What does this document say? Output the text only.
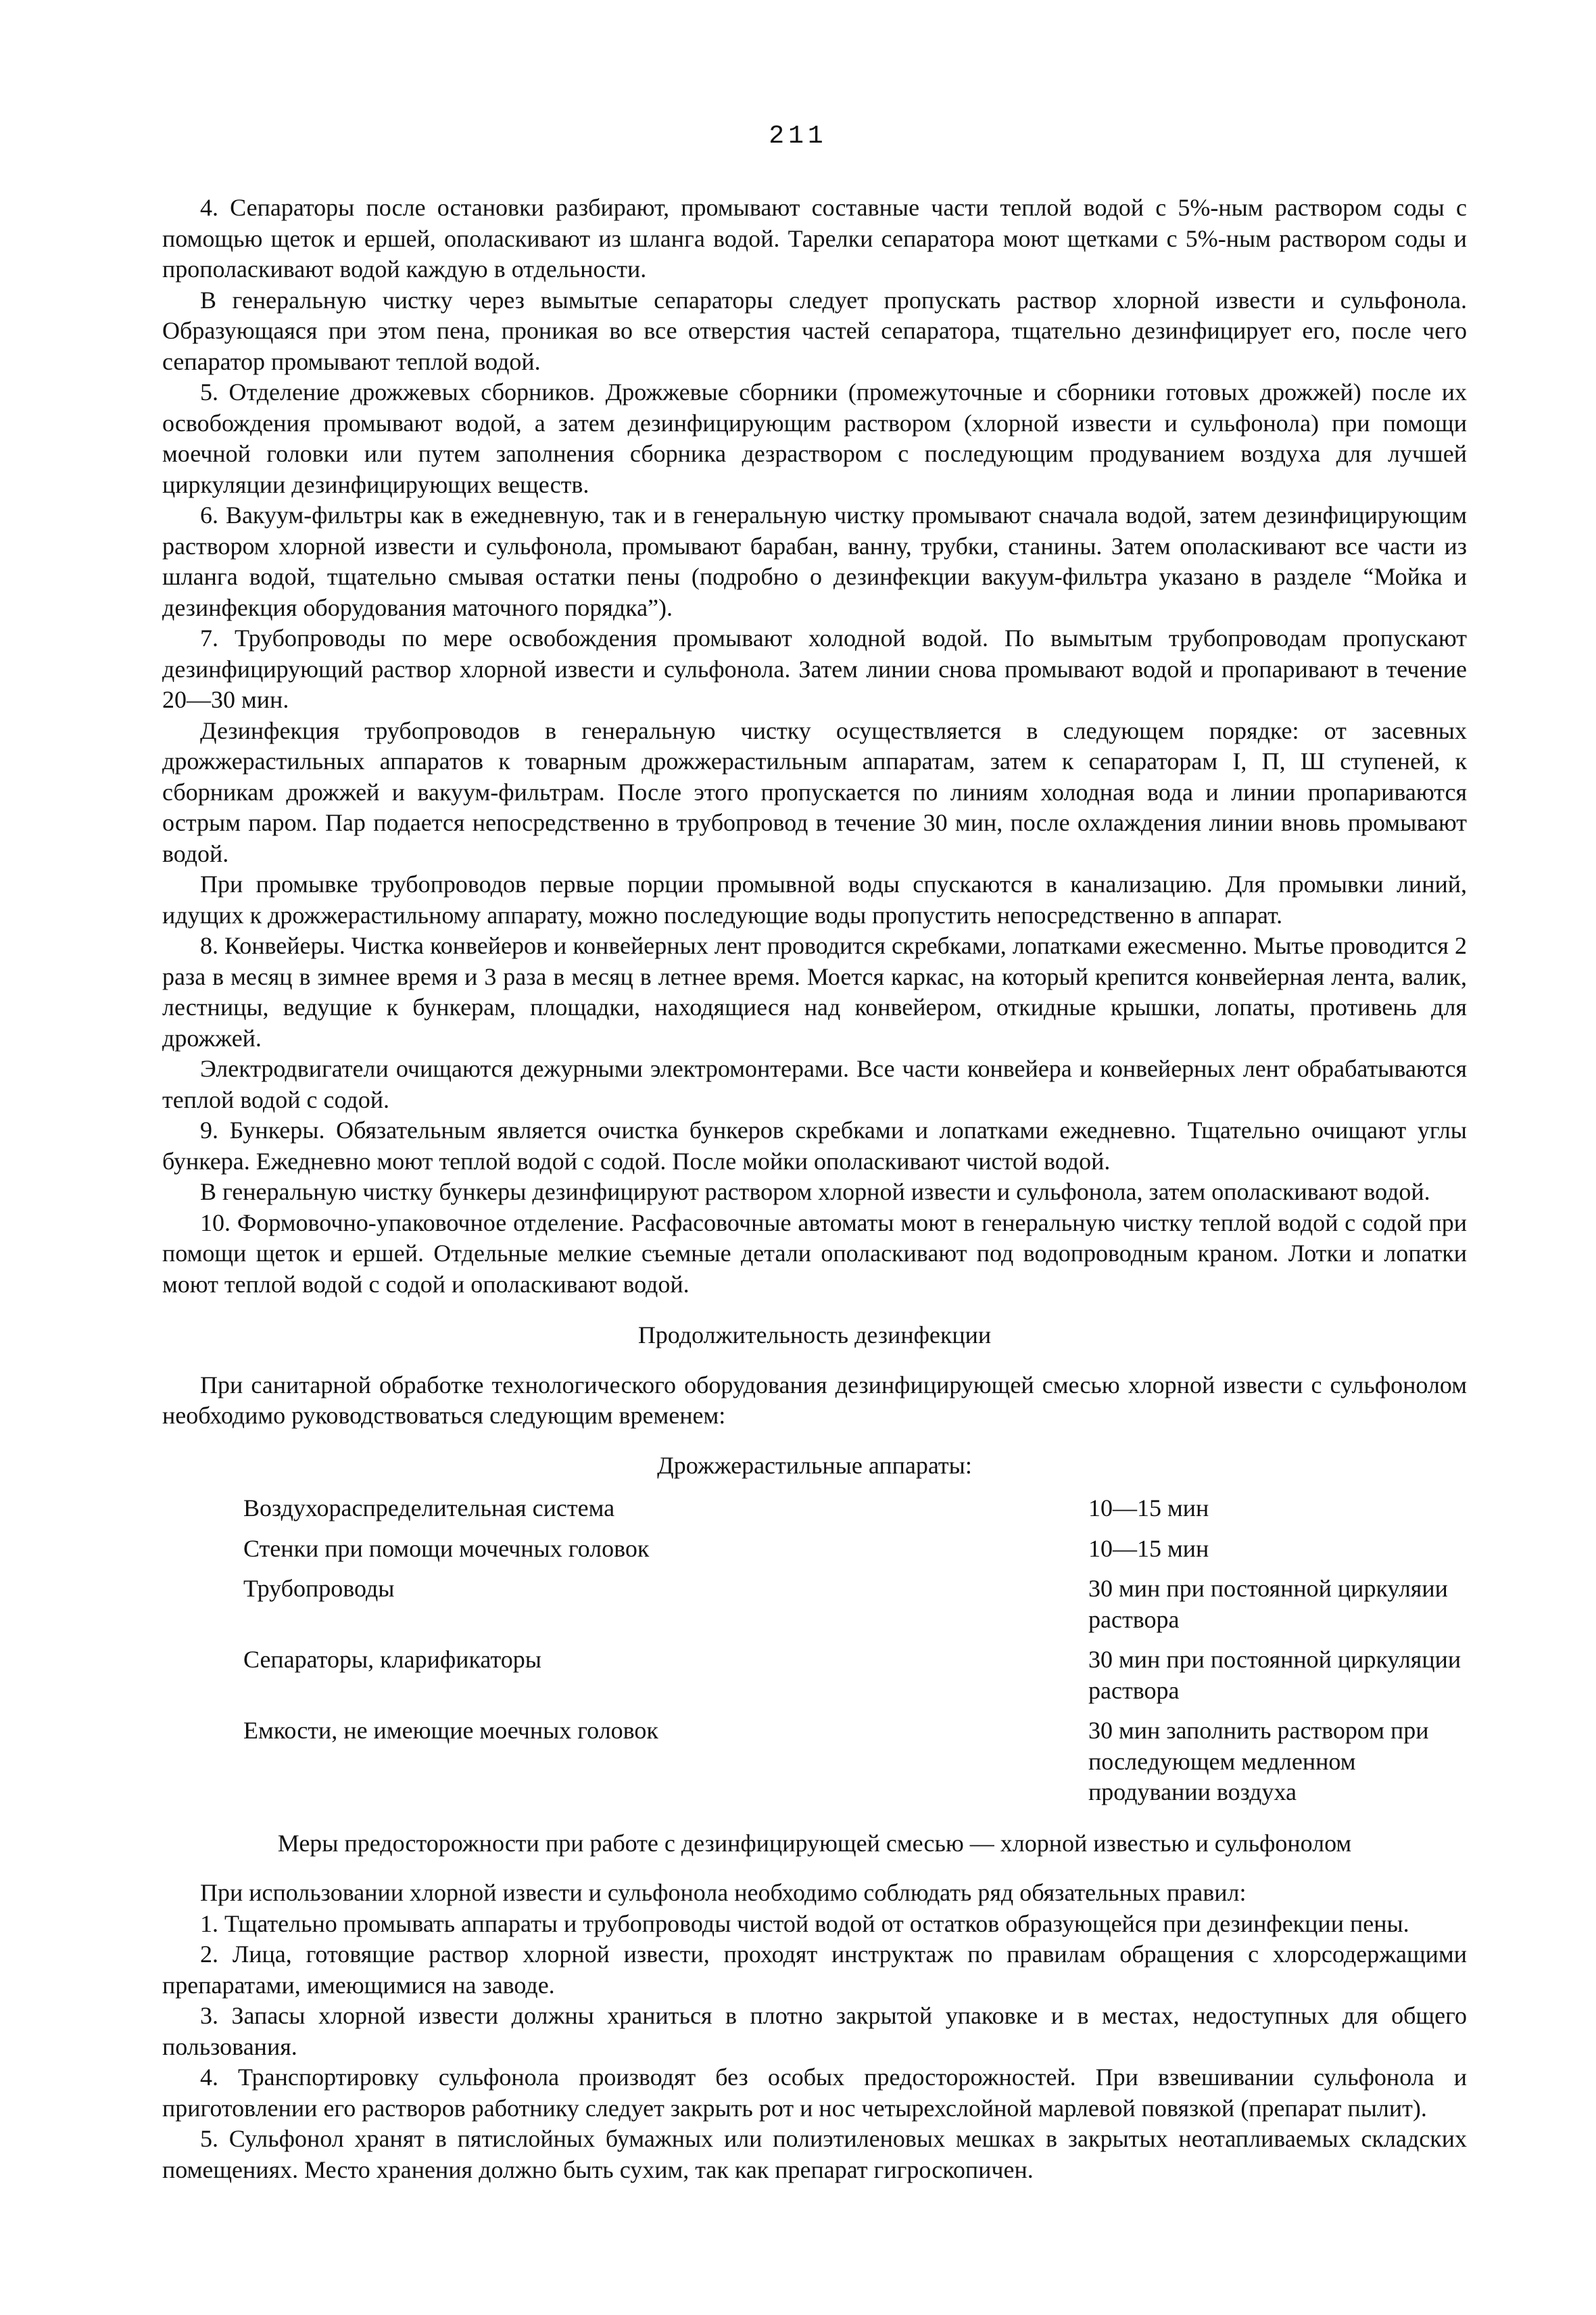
211

4. Сепараторы после остановки разбирают, промывают составные части теплой водой с 5%-ным раствором соды с помощью щеток и ершей, ополаскивают из шланга водой. Тарелки сепаратора моют щетками с 5%-ным раствором соды и прополаскивают водой каждую в отдельности.

В генеральную чистку через вымытые сепараторы следует пропускать раствор хлорной извести и сульфонола. Образующаяся при этом пена, проникая во все отверстия частей сепаратора, тщательно дезинфицирует его, после чего сепаратор промывают теплой водой.

5. Отделение дрожжевых сборников. Дрожжевые сборники (промежуточные и сборники готовых дрожжей) после их освобождения промывают водой, а затем дезинфицирующим раствором (хлорной извести и сульфонола) при помощи моечной головки или путем заполнения сборника дезраствором с последующим продуванием воздуха для лучшей циркуляции дезинфицирующих веществ.

6. Вакуум-фильтры как в ежедневную, так и в генеральную чистку промывают сначала водой, затем дезинфицирующим раствором хлорной извести и сульфонола, промывают барабан, ванну, трубки, станины. Затем ополаскивают все части из шланга водой, тщательно смывая остатки пены (подробно о дезинфекции вакуум-фильтра указано в разделе “Мойка и дезинфекция оборудования маточного порядка”).

7. Трубопроводы по мере освобождения промывают холодной водой. По вымытым трубопроводам пропускают дезинфицирующий раствор хлорной извести и сульфонола. Затем линии снова промывают водой и пропаривают в течение 20—30 мин.

Дезинфекция трубопроводов в генеральную чистку осуществляется в следующем порядке: от засевных дрожжерастильных аппаратов к товарным дрожжерастильным аппаратам, затем к сепараторам I, П, Ш ступеней, к сборникам дрожжей и вакуум-фильтрам. После этого пропускается по линиям холодная вода и линии пропариваются острым паром. Пар подается непосредственно в трубопровод в течение 30 мин, после охлаждения линии вновь промывают водой.

При промывке трубопроводов первые порции промывной воды спускаются в канализацию. Для промывки линий, идущих к дрожжерастильному аппарату, можно последующие воды пропустить непосредственно в аппарат.

8. Конвейеры. Чистка конвейеров и конвейерных лент проводится скребками, лопатками ежесменно. Мытье проводится 2 раза в месяц в зимнее время и 3 раза в месяц в летнее время. Моется каркас, на который крепится конвейерная лента, валик, лестницы, ведущие к бункерам, площадки, находящиеся над конвейером, откидные крышки, лопаты, противень для дрожжей.

Электродвигатели очищаются дежурными электромонтерами. Все части конвейера и конвейерных лент обрабатываются теплой водой с содой.

9. Бункеры. Обязательным является очистка бункеров скребками и лопатками ежедневно. Тщательно очищают углы бункера. Ежедневно моют теплой водой с содой. После мойки ополаскивают чистой водой.

В генеральную чистку бункеры дезинфицируют раствором хлорной извести и сульфонола, затем ополаскивают водой.

10. Формовочно-упаковочное отделение. Расфасовочные автоматы моют в генеральную чистку теплой водой с содой при помощи щеток и ершей. Отдельные мелкие съемные детали ополаскивают под водопроводным краном. Лотки и лопатки моют теплой водой с содой и ополаскивают водой.

Продолжительность дезинфекции

При санитарной обработке технологического оборудования дезинфицирующей смесью хлорной извести с сульфонолом необходимо руководствоваться следующим временем:

Дрожжерастильные аппараты:
Воздухораспределительная система	10—15 мин
Стенки при помощи мочечных головок	10—15 мин
Трубопроводы	30 мин при постоянной циркуляии раствора
Сепараторы, кларификаторы	30 мин при постоянной циркуляции раствора
Емкости, не имеющие моечных головок	30 мин заполнить раствором при последующем медленном продувании воздуха
Меры предосторожности при работе с дезинфицирующей смесью — хлорной известью и сульфонолом

При использовании хлорной извести и сульфонола необходимо соблюдать ряд обязательных правил:

1. Тщательно промывать аппараты и трубопроводы чистой водой от остатков образующейся при дезинфекции пены.

2. Лица, готовящие раствор хлорной извести, проходят инструктаж по правилам обращения с хлорсодержащими препаратами, имеющимися на заводе.

3. Запасы хлорной извести должны храниться в плотно закрытой упаковке и в местах, недоступных для общего пользования.

4. Транспортировку сульфонола производят без особых предосторожностей. При взвешивании сульфонола и приготовлении его растворов работнику следует закрыть рот и нос четырехслойной марлевой повязкой (препарат пылит).

5. Сульфонол хранят в пятислойных бумажных или полиэтиленовых мешках в закрытых неотапливаемых складских помещениях. Место хранения должно быть сухим, так как препарат гигроскопичен.
